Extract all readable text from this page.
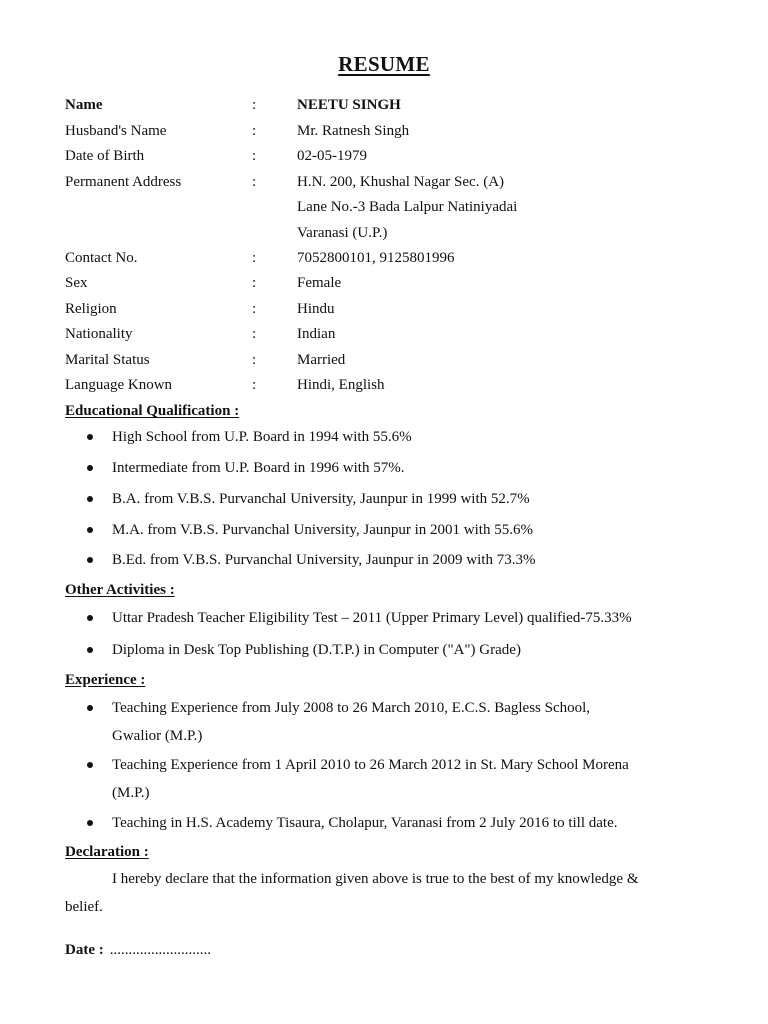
RESUME
Name	:	NEETU SINGH
Husband's Name	:	Mr. Ratnesh Singh
Date of Birth	:	02-05-1979
Permanent Address	:	H.N. 200, Khushal Nagar Sec. (A)
Lane No.-3 Bada Lalpur Natiniyadai
Varanasi (U.P.)
Contact No.	:	7052800101, 9125801996
Sex	:	Female
Religion	:	Hindu
Nationality	:	Indian
Marital Status	:	Married
Language Known	:	Hindi, English
Educational Qualification :
High School from U.P. Board in 1994 with 55.6%
Intermediate from U.P. Board in 1996 with 57%.
B.A. from V.B.S. Purvanchal University, Jaunpur in 1999 with 52.7%
M.A. from V.B.S. Purvanchal University, Jaunpur in 2001 with 55.6%
B.Ed. from V.B.S. Purvanchal University, Jaunpur in 2009 with 73.3%
Other Activities :
Uttar Pradesh Teacher Eligibility Test – 2011 (Upper Primary Level) qualified-75.33%
Diploma in Desk Top Publishing (D.T.P.) in Computer ("A") Grade)
Experience :
Teaching Experience from July 2008 to 26 March 2010, E.C.S. Bagless School,
Gwalior (M.P.)
Teaching Experience from 1 April 2010 to 26 March 2012 in St. Mary School Morena
(M.P.)
Teaching in H.S. Academy Tisaura, Cholapur, Varanasi from 2 July 2016 to till date.
Declaration :
I hereby declare that the information given above is true to the best of my knowledge &
belief.
Date : ...........................
